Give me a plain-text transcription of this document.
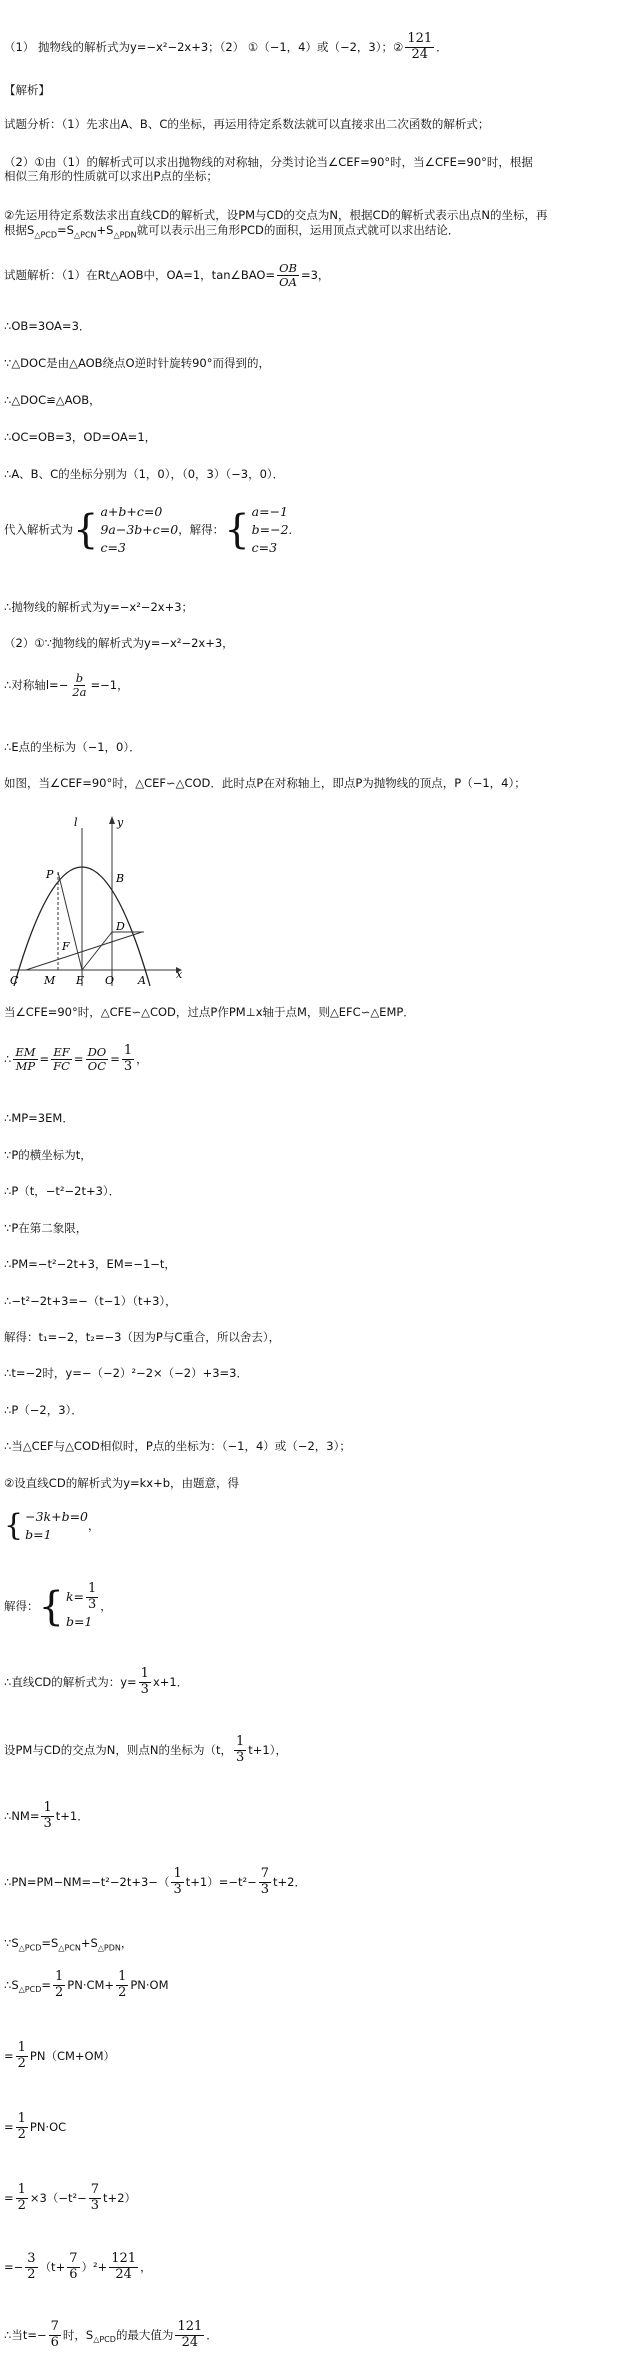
（1） 抛物线的解析式为y=−x²−2x+3；（2） ①（−1，4）或（−2，3）；② $\frac{121}{24}$ ．
【解析】
试题分析：（1）先求出A、B、C的坐标，再运用待定系数法就可以直接求出二次函数的解析式；
（2）①由（1）的解析式可以求出抛物线的对称轴，分类讨论当∠CEF=90°时，当∠CFE=90°时，根据
相似三角形的性质就可以求出P点的坐标；
②先运用待定系数法求出直线CD的解析式，设PM与CD的交点为N，根据CD的解析式表示出点N的坐标，再
根据$S_{\triangle PCD}=S_{\triangle PCN}+S_{\triangle PDN}$就可以表示出三角形PCD的面积，运用顶点式就可以求出结论．
试题解析：（1）在Rt△AOB中，OA=1，tan∠BAO= $\frac{OB}{OA} =3$，
∴OB=3OA=3．
∵△DOC是由△AOB绕点O逆时针旋转90°而得到的，
∴△DOC≌△AOB，
∴OC=OB=3，OD=OA=1，
∴A、B、C的坐标分别为（1，0），（0，3）（−3，0）．
代入解析式为 { a+b+c=0
9a−3b+c=0
c=3
，解得： { a=−1
b=−2
c=3
．
∴抛物线的解析式为y=−x²−2x+3；
（2）①∵抛物线的解析式为y=−x²−2x+3，
∴对称轴$l=- \frac{b}{2a} =-1$，
∴E点的坐标为（−1，0）．
如图，当∠CEF=90°时，△CEF∽△COD．此时点P在对称轴上，即点P为抛物线的顶点，P（−1，4）；
l	y
x
B
P
F
D
C M E O A
当∠CFE=90°时，△CFE∽△COD，过点P作PM⊥x轴于点M，则△EFC∽△EMP．
∴ $\frac{EM}{MP} = \frac{EF}{FC} = \frac{DO}{OC} = \frac{1}{3}$ ，
∴MP=3EM．
∵P的横坐标为t，
∴P（t，−t²−2t+3）．
∵P在第二象限，
∴PM=−t²−2t+3，EM=−1−t，
∴−t²−2t+3=−（t−1）（t+3），
解得：t₁=−2，t₂=−3（因为P与C重合，所以舍去），
∴t=−2时，y=−（−2）²−2×（−2）+3=3．
∴P（−2，3）．
∴当△CEF与△COD相似时，P点的坐标为：（−1，4）或（−2，3）；
②设直线CD的解析式为y=kx+b，由题意，得
{ −3k+b=0
b=1
，
解得： { $k= \frac{1}{3}$
b=1
，
∴直线CD的解析式为：$y= \frac{1}{3} x+1$．
设PM与CD的交点为N，则点N的坐标为（t， $\frac{1}{3} t+1$），
∴NM= $\frac{1}{3} t+1$．
∴PN=PM−NM=−t²−2t+3−（ $\frac{1}{3} t+1)=-t^2- \frac{7}{3} t+2$．
$\because S_{\triangle PCD}=S_{\triangle PCN}+S_{\triangle PDN}$，
$\therefore S_{\triangle PCD}= \frac{1}{2} PN\cdot CM+ \frac{1}{2} PN\cdot OM$
= $\frac{1}{2} PN(CM+OM)$
= $\frac{1}{2} PN\cdot OC$
= $\frac{1}{2} \times 3(-t^2- \frac{7}{3} t+2)$
=− $\frac{3}{2} (t+ \frac{7}{6} )^2+ \frac{121}{24}$ ，
∴当$t=- \frac{7}{6}$ 时，$S_{\triangle PCD}$的最大值为 $\frac{121}{24}$ ．
